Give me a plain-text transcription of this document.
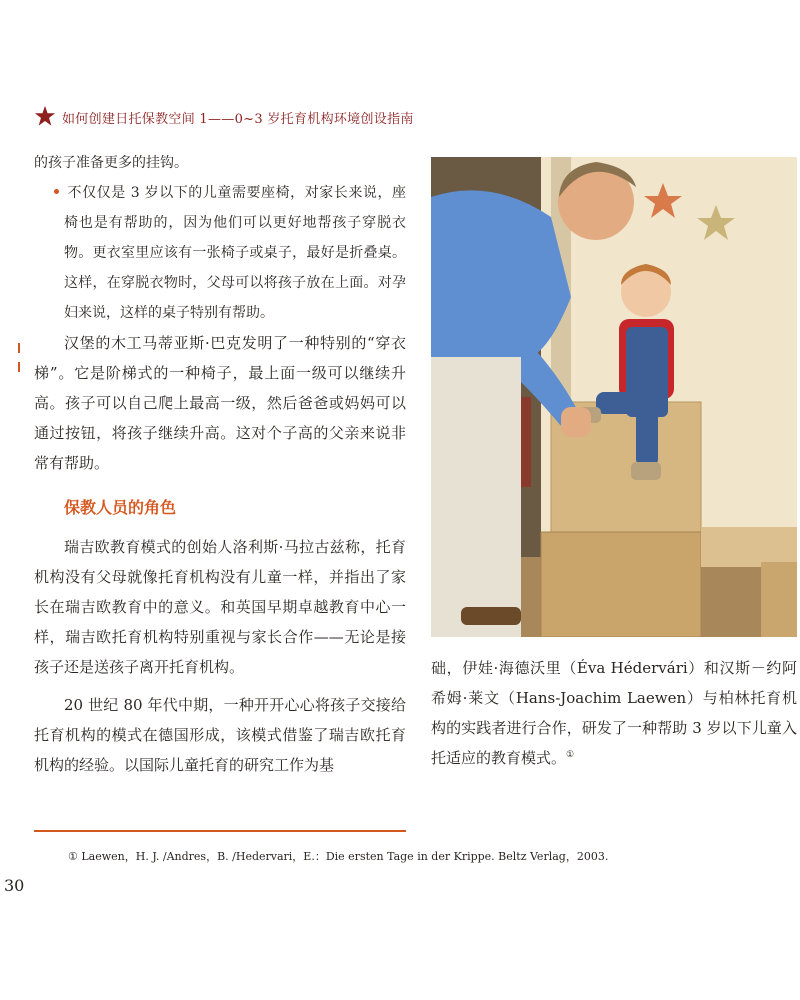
如何创建日托保教空间 1——0~3 岁托育机构环境创设指南

的孩子准备更多的挂钩。

不仅仅是 3 岁以下的儿童需要座椅，对家长来说，座椅也是有帮助的，因为他们可以更好地帮孩子穿脱衣物。更衣室里应该有一张椅子或桌子，最好是折叠桌。这样，在穿脱衣物时，父母可以将孩子放在上面。对孕妇来说，这样的桌子特别有帮助。

汉堡的木工马蒂亚斯·巴克发明了一种特别的“穿衣梯”。它是阶梯式的一种椅子，最上面一级可以继续升高。孩子可以自己爬上最高一级，然后爸爸或妈妈可以通过按钮，将孩子继续升高。这对个子高的父亲来说非常有帮助。

保教人员的角色

瑞吉欧教育模式的创始人洛利斯·马拉古兹称，托育机构没有父母就像托育机构没有儿童一样，并指出了家长在瑞吉欧教育中的意义。和英国早期卓越教育中心一样，瑞吉欧托育机构特别重视与家长合作——无论是接孩子还是送孩子离开托育机构。

20 世纪 80 年代中期，一种开开心心将孩子交接给托育机构的模式在德国形成，该模式借鉴了瑞吉欧托育机构的经验。以国际儿童托育的研究工作为基

础，伊娃·海德沃里（Éva Hédervári）和汉斯－约阿希姆·莱文（Hans-Joachim Laewen）与柏林托育机构的实践者进行合作，研发了一种帮助 3 岁以下儿童入托适应的教育模式。①

① Laewen，H. J. /Andres，B. /Hedervari，E.：Die ersten Tage in der Krippe. Beltz Verlag，2003.
30
